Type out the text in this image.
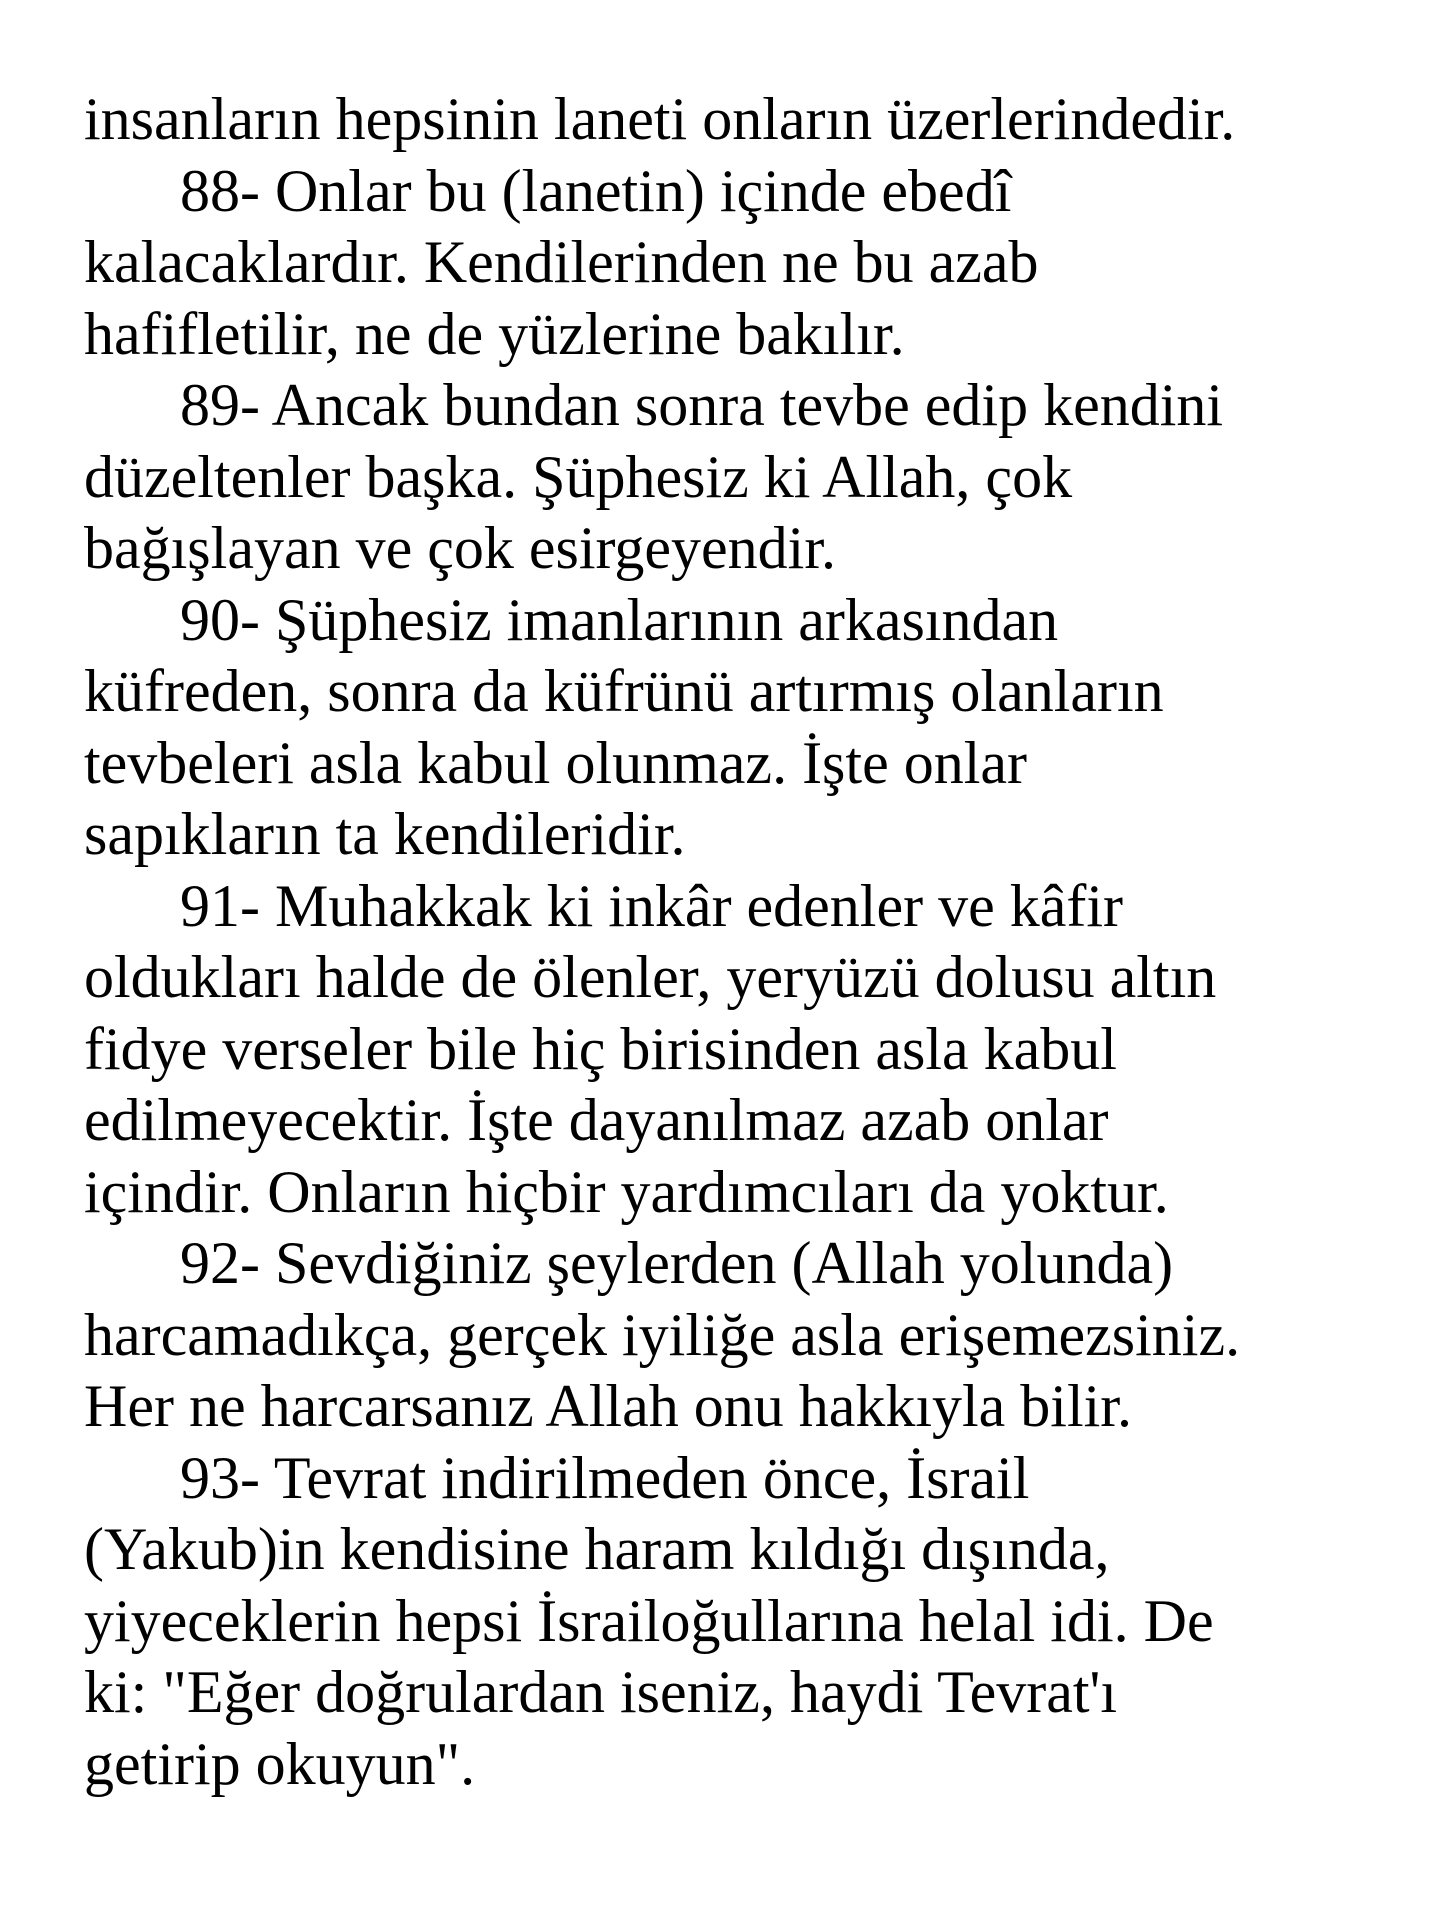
insanların hepsinin laneti onların üzerlerindedir.
88- Onlar bu (lanetin) içinde ebedî
kalacaklardır. Kendilerinden ne bu azab
hafifletilir, ne de yüzlerine bakılır.
89- Ancak bundan sonra tevbe edip kendini
düzeltenler başka. Şüphesiz ki Allah, çok
bağışlayan ve çok esirgeyendir.
90- Şüphesiz imanlarının arkasından
küfreden, sonra da küfrünü artırmış olanların
tevbeleri asla kabul olunmaz. İşte onlar
sapıkların ta kendileridir.
91- Muhakkak ki inkâr edenler ve kâfir
oldukları halde de ölenler, yeryüzü dolusu altın
fidye verseler bile hiç birisinden asla kabul
edilmeyecektir. İşte dayanılmaz azab onlar
içindir. Onların hiçbir yardımcıları da yoktur.
92- Sevdiğiniz şeylerden (Allah yolunda)
harcamadıkça, gerçek iyiliğe asla erişemezsiniz.
Her ne harcarsanız Allah onu hakkıyla bilir.
93- Tevrat indirilmeden önce, İsrail
(Yakub)in kendisine haram kıldığı dışında,
yiyeceklerin hepsi İsrailoğullarına helal idi. De
ki: "Eğer doğrulardan iseniz, haydi Tevrat'ı
getirip okuyun".
